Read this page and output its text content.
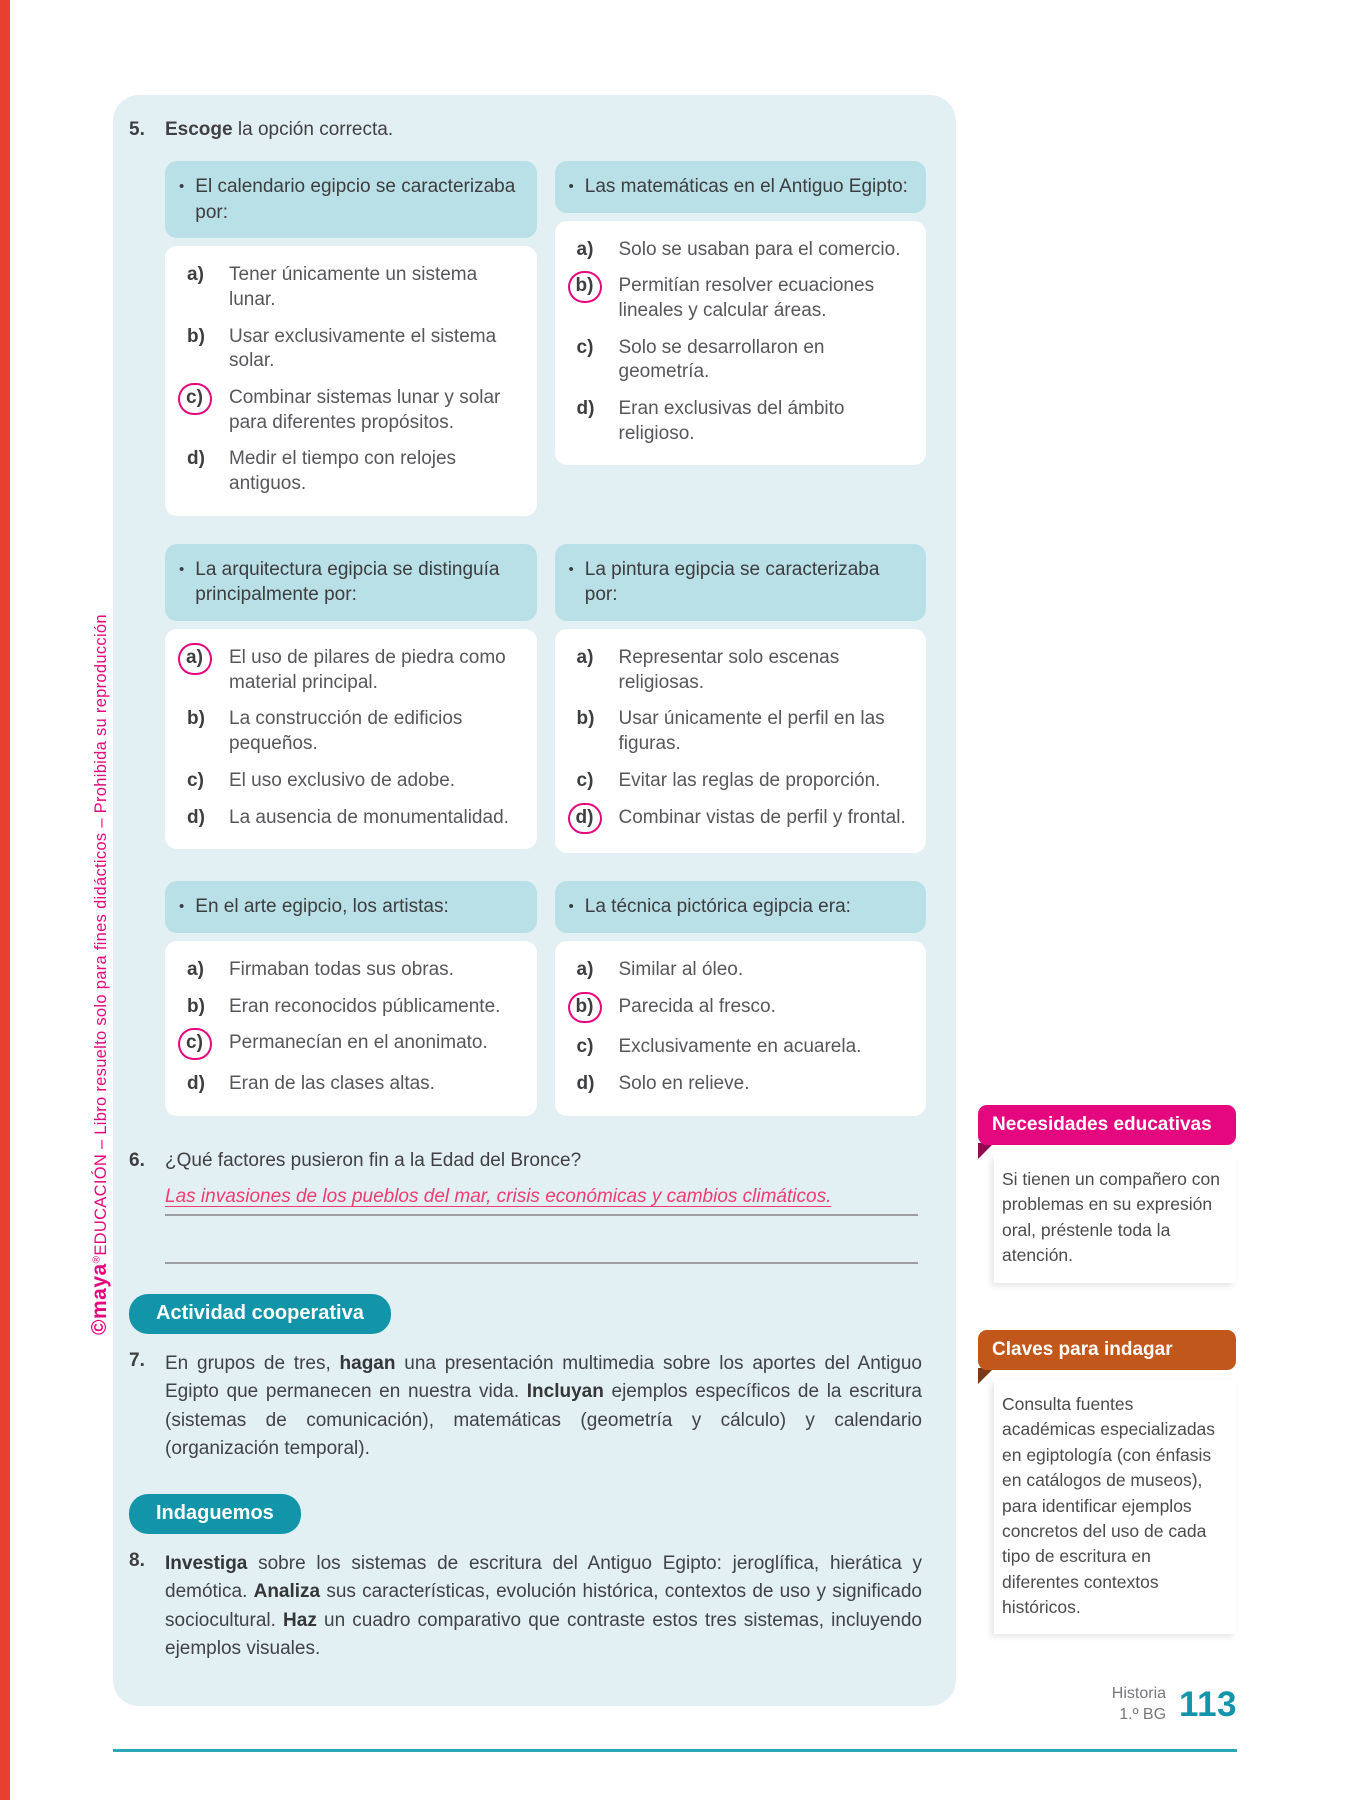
©maya®EDUCACIÓN – Libro resuelto solo para fines didácticos – Prohibida su reproducción
5.	Escoge la opción correcta.

• El calendario egipcio se caracterizaba por:
a)	Tener únicamente un sistema lunar.
b)	Usar exclusivamente el sistema solar.
c)	Combinar sistemas lunar y solar para diferentes propósitos.
d)	Medir el tiempo con relojes antiguos.
• Las matemáticas en el Antiguo Egipto:
a)	Solo se usaban para el comercio.
b)	Permitían resolver ecuaciones lineales y calcular áreas.
c)	Solo se desarrollaron en geometría.
d)	Eran exclusivas del ámbito religioso.
• La arquitectura egipcia se distinguía principalmente por:
a)	El uso de pilares de piedra como material principal.
b)	La construcción de edificios pequeños.
c)	El uso exclusivo de adobe.
d)	La ausencia de monumentalidad.
• La pintura egipcia se caracterizaba por:
a)	Representar solo escenas religiosas.
b)	Usar únicamente el perfil en las figuras.
c)	Evitar las reglas de proporción.
d)	Combinar vistas de perfil y frontal.
• En el arte egipcio, los artistas:
a)	Firmaban todas sus obras.
b)	Eran reconocidos públicamente.
c)	Permanecían en el anonimato.
d)	Eran de las clases altas.
• La técnica pictórica egipcia era:
a)	Similar al óleo.
b)	Parecida al fresco.
c)	Exclusivamente en acuarela.
d)	Solo en relieve.
6.	¿Qué factores pusieron fin a la Edad del Bronce?

Las invasiones de los pueblos del mar, crisis económicas y cambios climáticos.
Actividad cooperativa
7.	En grupos de tres, hagan una presentación multimedia sobre los aportes del Antiguo Egipto que permanecen en nuestra vida. Incluyan ejemplos específicos de la escritura (sistemas de comunicación), matemáticas (geometría y cálculo) y calendario (organización temporal).

Indaguemos
8.	Investiga sobre los sistemas de escritura del Antiguo Egipto: jeroglífica, hierática y demótica. Analiza sus características, evolución histórica, contextos de uso y significado sociocultural. Haz un cuadro comparativo que contraste estos tres sistemas, incluyendo ejemplos visuales.

Necesidades educativas
Si tienen un compañero con problemas en su expresión oral, préstenle toda la atención.
Claves para indagar
Consulta fuentes académicas especializadas en egiptología (con énfasis en catálogos de museos), para identificar ejemplos concretos del uso de cada tipo de escritura en diferentes contextos históricos.
Historia
1.º BG 113
